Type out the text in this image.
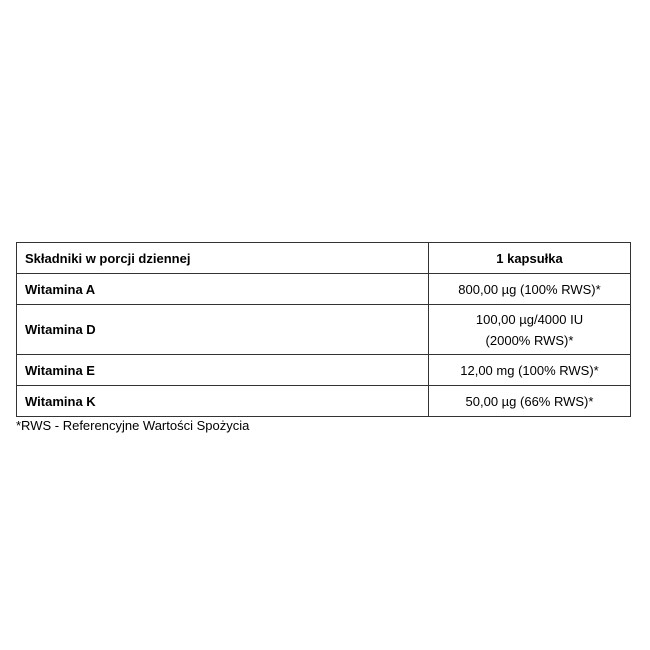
Składniki w porcji dziennej	1 kapsułka
Witamina A	800,00 µg (100% RWS)*
Witamina D	100,00 µg/4000 IU
(2000% RWS)*

Witamina E	12,00 mg (100% RWS)*
Witamina K	50,00 µg (66% RWS)*
*RWS - Referencyjne Wartości Spożycia
